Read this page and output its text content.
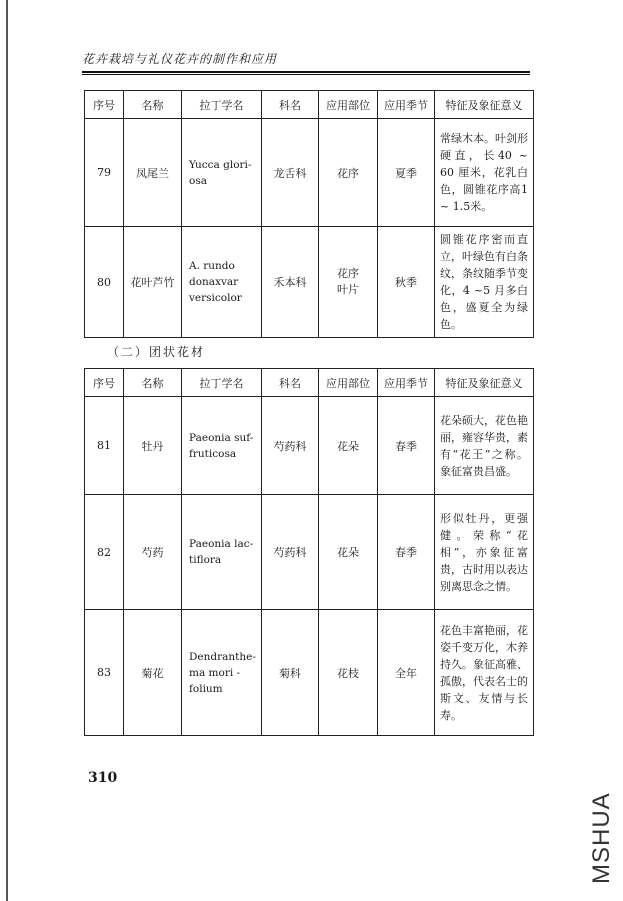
花卉栽培与礼仪花卉的制作和应用
序号	名称	拉丁学名	科名	应用部位	应用季节	特征及象征意义
79	凤尾兰	Yucca glori-
osa	龙舌科	花序	夏季	常绿木本。叶剑形硬直，长40 ~ 60 厘米，花乳白色，圆锥花序高1 ~ 1.5米。
80	花叶芦竹	A. rundo
donaxvar
versicolor	禾本科	花序
叶片	秋季	圆锥花序密而直立，叶绿色有白条纹，条纹随季节变化，4 ~5 月多白色，盛夏全为绿色。
（二）团状花材
序号	名称	拉丁学名	科名	应用部位	应用季节	特征及象征意义
81	牡丹	Paeonia suf-
fruticosa	芍药科	花朵	春季	花朵硕大，花色艳丽，雍容华贵，素有“花王”之称。象征富贵昌盛。
82	芍药	Paeonia lac-
tiflora	芍药科	花朵	春季	形似牡丹，更强健。荣称“花相”，亦象征富贵，古时用以表达别离思念之情。
83	菊花	Dendranthe-
ma mori -
folium	菊科	花枝	全年	花色丰富艳丽，花姿千变万化，木养持久。象征高雅、孤傲，代表名士的斯文、友情与长寿。
310
MSHUA
